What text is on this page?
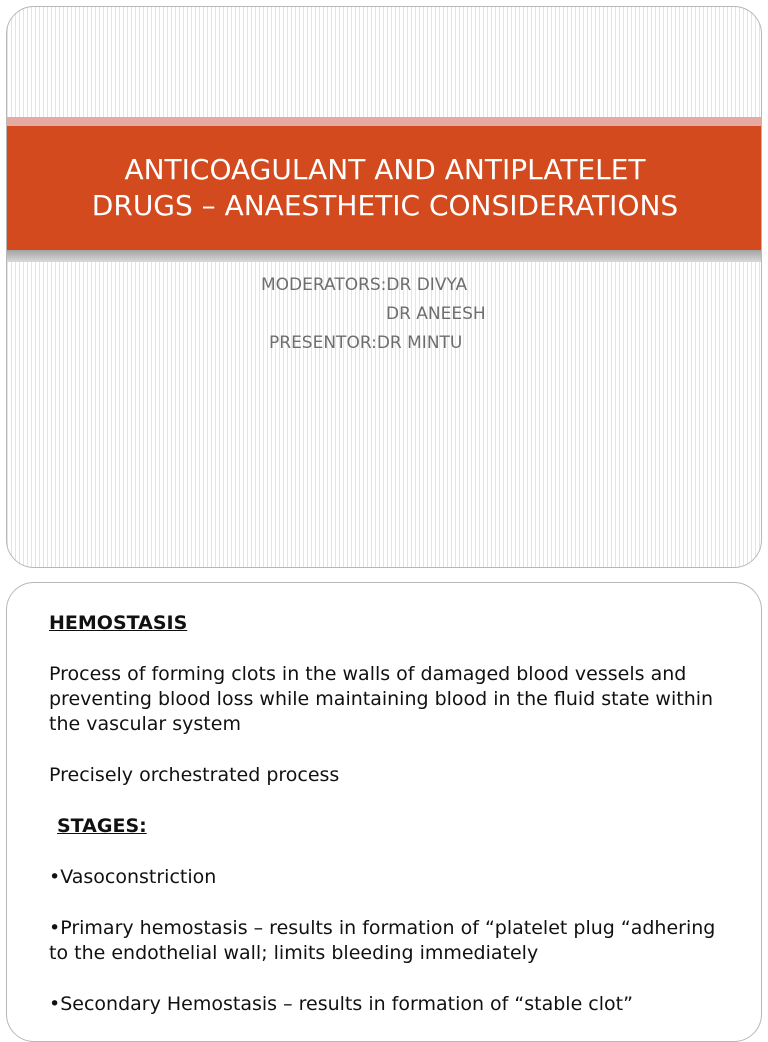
ANTICOAGULANT AND ANTIPLATELET
DRUGS – ANAESTHETIC CONSIDERATIONS

MODERATORS:DR DIVYA

DR ANEESH

PRESENTOR:DR MINTU

HEMOSTASIS

Process of forming clots in the walls of damaged blood vessels and preventing blood loss while maintaining blood in the fluid state within the vascular system

Precisely orchestrated process

STAGES:

•Vasoconstriction

•Primary hemostasis – results in formation of “platelet plug “adhering to the endothelial wall; limits bleeding immediately

•Secondary Hemostasis – results in formation of “stable clot”
